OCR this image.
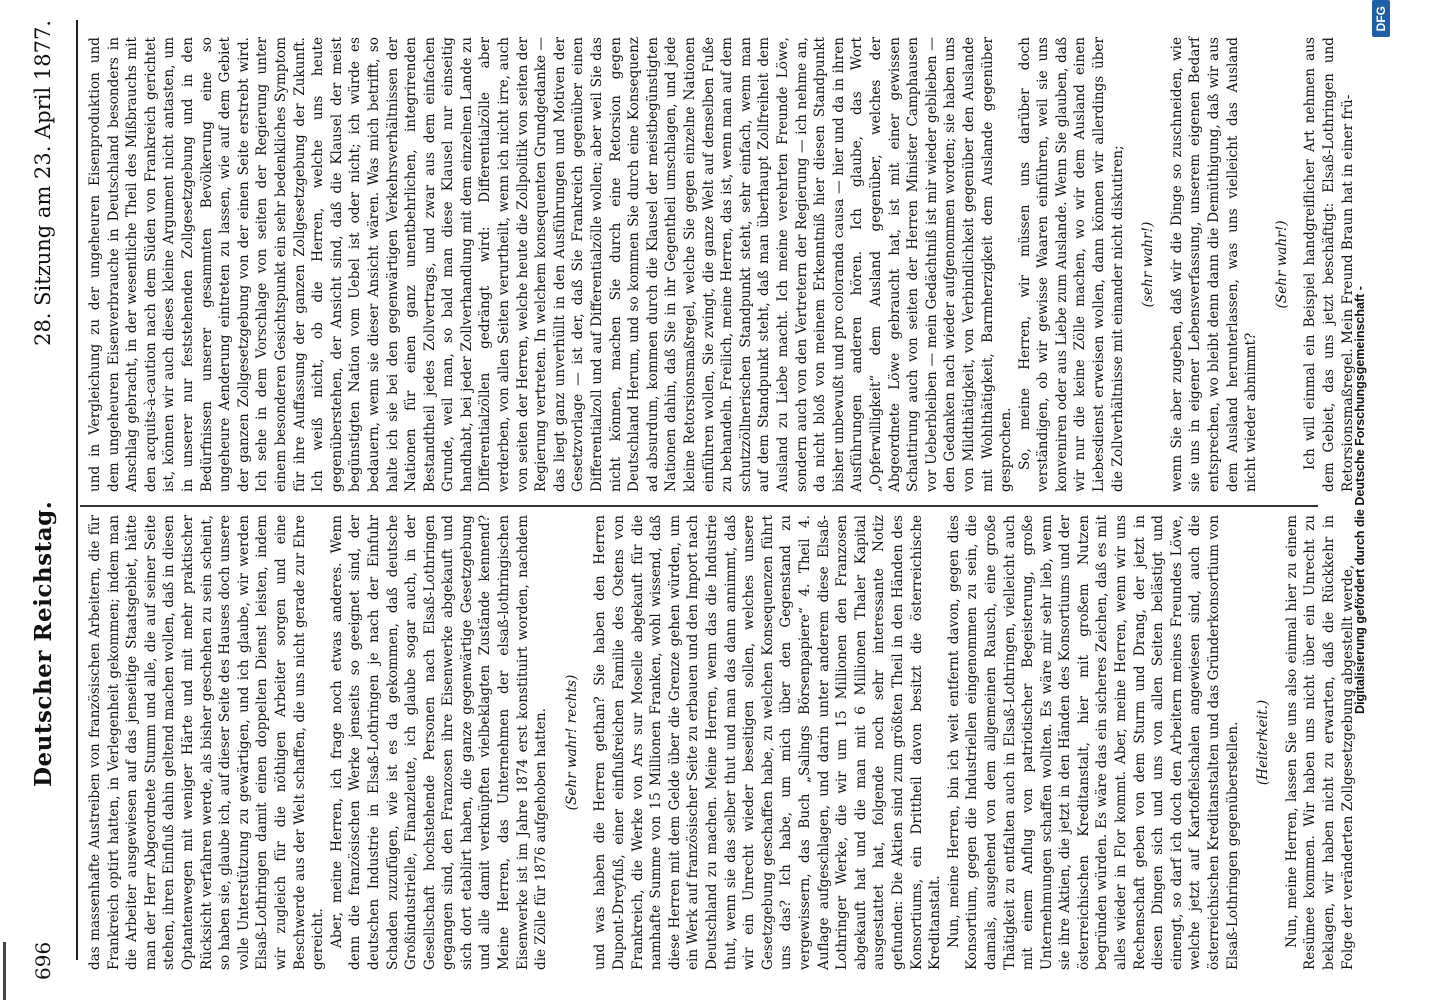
696
Deutscher Reichstag.
28. Sitzung am 23. April 1877.

das massenhafte Austreiben von französischen Arbeitern, die für Frankreich optirt hatten, in Verlegenheit gekommen; indem man die Arbeiter ausgewiesen auf das jenseitige Staatsgebiet, hätte man der Herr Abgeordnete Stumm und alle, die auf seiner Seite stehen, ihren Einfluß dahin geltend machen wollen, daß in diesen Optantenwegen mit weniger Härte und mit mehr praktischer Rücksicht verfahren werde, als bisher geschehen zu sein scheint, so haben sie, glaube ich, auf dieser Seite des Hauses doch unsere volle Unterstützung zu gewärtigen, und ich glaube, wir werden Elsaß-Lothringen damit einen doppelten Dienst leisten, indem wir zugleich für die nöthigen Arbeiter sorgen und eine Beschwerde aus der Welt schaffen, die uns nicht gerade zur Ehre gereicht. Aber, meine Herren, ich frage noch etwas anderes. Wenn denn die französischen Werke jenseits so geeignet sind, der deutschen Industrie in Elsaß-Lothringen je nach der Einfuhr Schaden zuzufügen, wie ist es da gekommen, daß deutsche Großindustrielle, Finanzleute, ich glaube sogar auch, in der Gesellschaft hochstehende Personen nach Elsaß-Lothringen gegangen sind, den Franzosen ihre Eisenwerke abgekauft und sich dort etablirt haben, die ganze gegenwärtige Gesetzgebung und alle damit verknüpften vielbeklagten Zustände kennend? Meine Herren, das Unternehmen der elsaß-lothringischen Eisenwerke ist im Jahre 1874 erst konstituirt worden, nachdem die Zölle für 1876 aufgehoben hatten. (Sehr wahr! rechts) und was haben die Herren gethan? Sie haben den Herren Dupont-Dreyfuß, einer einflußreichen Familie des Ostens von Frankreich, die Werke von Ars sur Moselle abgekauft für die namhafte Summe von 15 Millionen Franken, wohl wissend, daß diese Herren mit dem Gelde über die Grenze gehen würden, um ein Werk auf französischer Seite zu erbauen und den Import nach Deutschland zu machen. Meine Herren, wenn das die Industrie thut, wenn sie das selber thut und man das dann annimmt, daß wir ein Unrecht wieder beseitigen sollen, welches unsere Gesetzgebung geschaffen habe, zu welchen Konsequenzen führt uns das? Ich habe, um mich über den Gegenstand zu vergewissern, das Buch „Salings Börsenpapiere“ 4. Theil 4. Auflage aufgeschlagen, und darin unter anderem diese Elsaß-Lothringer Werke, die wir um 15 Millionen den Franzosen abgekauft hat und die man mit 6 Millionen Thaler Kapital ausgestattet hat, folgende noch sehr interessante Notiz gefunden: Die Aktien sind zum größten Theil in den Händen des Konsortiums, ein Drittheil davon besitzt die österreichische Kreditanstalt. Nun, meine Herren, bin ich weit entfernt davon, gegen dies Konsortium, gegen die Industriellen eingenommen zu sein, die damals, ausgehend von dem allgemeinen Rausch, eine große Thätigkeit zu entfalten auch in Elsaß-Lothringen, vielleicht auch mit einem Anflug von patriotischer Begeisterung, große Unternehmungen schaffen wollten. Es wäre mir sehr lieb, wenn sie ihre Aktien, die jetzt in den Händen des Konsortiums und der österreichischen Kreditanstalt, hier mit großem Nutzen begründen würden. Es wäre das ein sicheres Zeichen, daß es mit alles wieder in Flor kommt. Aber, meine Herren, wenn wir uns Rechenschaft geben von dem Sturm und Drang, der jetzt in diesen Dingen sich und uns von allen Seiten belästigt und einengt, so darf ich doch den Arbeitern meines Freundes Löwe, welche jetzt auf Kartoffelschalen angewiesen sind, auch die österreichischen Kreditanstalten und das Gründerkonsortium von Elsaß-Lothringen gegenüberstellen. (Heiterkeit.) Nun, meine Herren, lassen Sie uns also einmal hier zu einem Resümee kommen. Wir haben uns nicht über ein Unrecht zu beklagen, wir haben nicht zu erwarten, daß die Rückkehr in Folge der veränderten Zollgesetzgebung abgestellt werde,

und in Vergleichung zu der ungeheuren Eisenproduktion und dem ungeheuren Eisenverbrauche in Deutschland besonders in Anschlag gebracht, in der wesentliche Theil des Mißbrauchs mit den acquits-à-caution nach dem Süden von Frankreich gerichtet ist, können wir auch dieses kleine Argument nicht antasten, um in unserer nur feststehenden Zollgesetzgebung und in den Bedürfnissen unserer gesammten Bevölkerung eine so ungeheure Aenderung eintreten zu lassen, wie auf dem Gebiet der ganzen Zollgesetzgebung von der einen Seite erstrebt wird. Ich sehe in dem Vorschlage von seiten der Regierung unter einem besonderen Gesichtspunkt ein sehr bedenkliches Symptom für ihre Auffassung der ganzen Zollgesetzgebung der Zukunft. Ich weiß nicht, ob die Herren, welche uns heute gegenüberstehen, der Ansicht sind, daß die Klausel der meist begünstigten Nation vom Uebel ist oder nicht; ich würde es bedauern, wenn sie dieser Ansicht wären. Was mich betrifft, so halte ich sie bei den gegenwärtigen Verkehrsverhältnissen der Nationen für einen ganz unentbehrlichen, integrirenden Bestandtheil jedes Zollvertrags, und zwar aus dem einfachen Grunde, weil man, so bald man diese Klausel nur einseitig handhabt, bei jeder Zollverhandlung mit dem einzelnen Lande zu Differentialzöllen gedrängt wird: Differentialzölle aber verderben, von allen Seiten verurtheilt, wenn ich nicht irre, auch von seiten der Herren, welche heute die Zollpolitik von seiten der Regierung vertreten. In welchem konsequenten Grundgedanke — das liegt ganz unverhüllt in den Ausführungen und Motiven der Gesetzvorlage — ist der, daß Sie Frankreich gegenüber einen Differentialzoll und auf Differentialzölle wollen; aber weil Sie das nicht können, machen Sie durch eine Retorsion gegen Deutschland Herum, und so kommen Sie durch eine Konsequenz ad absurdum, kommen durch die Klausel der meistbegünstigten Nationen dahin, daß Sie in ihr Gegentheil umschlagen, und jede kleine Retorsionsmaßregel, welche Sie gegen einzelne Nationen einführen wollen, Sie zwingt, die ganze Welt auf denselben Fuße zu behandeln. Freilich, meine Herren, das ist, wenn man auf dem schutzzöllnerischen Standpunkt steht, sehr einfach, wenn man auf dem Standpunkt steht, daß man überhaupt Zollfreiheit dem Ausland zu Liebe macht. Ich meine verehrten Freunde Löwe, sondern auch von den Vertretern der Regierung — ich nehme an, da nicht bloß von meinem Erkenntniß hier diesen Standpunkt bisher unbewußt und pro coloranda causa — hier und da in ihren Ausführungen anderen hören. Ich glaube, das Wort „Opferwilligkeit“ dem Ausland gegenüber, welches der Abgeordnete Löwe gebraucht hat, ist mit einer gewissen Schattirung auch von seiten der Herren Minister Camphausen vor Ueberbleiben — mein Gedächtniß ist mir wieder geblieben — den Gedanken nach wieder aufgenommen worden; sie haben uns von Mildthätigkeit, von Verbindlichkeit gegenüber den Auslande mit Wohlthätigkeit, Barmherzigkeit dem Auslande gegenüber gesprochen. So, meine Herren, wir müssen uns darüber doch verständigen, ob wir gewisse Waaren einführen, weil sie uns konveniren oder aus Liebe zum Auslande. Wenn Sie glauben, daß wir nur die keine Zölle machen, wo wir dem Ausland einen Liebesdienst erweisen wollen, dann können wir allerdings über die Zollverhältnisse mit einander nicht diskutiren; (sehr wahr!) wenn Sie aber zugeben, daß wir die Dinge so zuschneiden, wie sie uns in eigener Lebensverfassung, unserem eigenen Bedarf entsprechen, wo bleibt denn dann die Demüthigung, daß wir aus dem Ausland herunterlassen, was uns vielleicht das Ausland nicht wieder abnimmt?

(Sehr wahr!) Ich will einmal ein Beispiel handgreiflicher Art nehmen aus dem Gebiet, das uns jetzt beschäftigt: Elsaß-Lothringen und Retorsionsmaßregel. Mein Freund Braun hat in einer frü-

Digitalisierung gefördert durch die Deutsche Forschungsgemeinschaft -
DFG
